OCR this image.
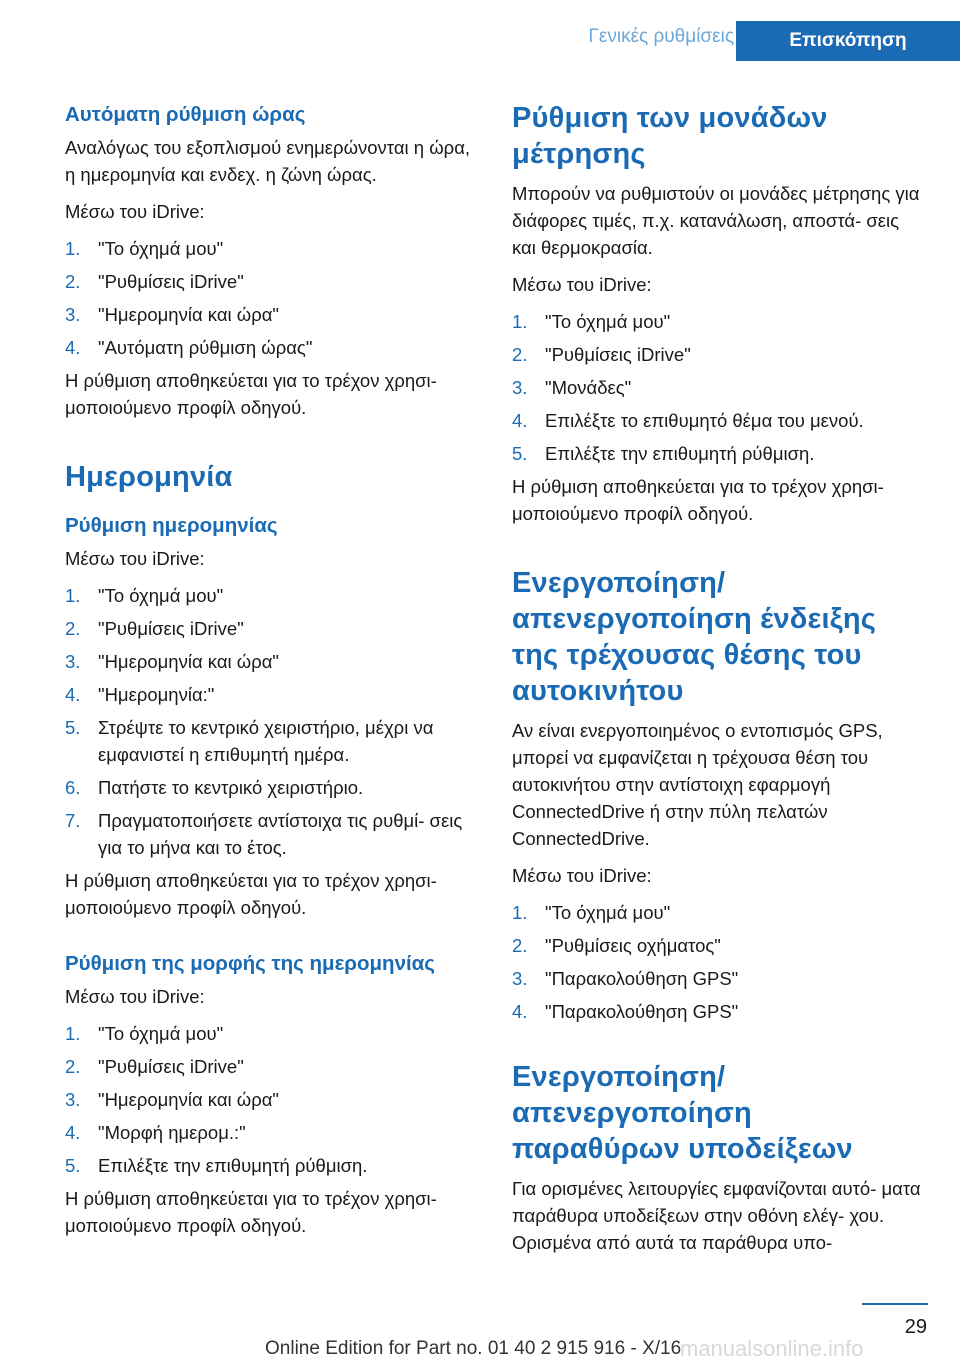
Γενικές ρυθμίσεις	Επισκόπηση
Αυτόματη ρύθμιση ώρας

Αναλόγως του εξοπλισμού ενημερώνονται η ώρα, η ημερομηνία και ενδεχ. η ζώνη ώρας.

Μέσω του iDrive:

1. "Το όχημά μου"
2. "Ρυθμίσεις iDrive"
3. "Ημερομηνία και ώρα"
4. "Αυτόματη ρύθμιση ώρας"

Η ρύθμιση αποθηκεύεται για το τρέχον χρησι‐ μοποιούμενο προφίλ οδηγού.

Ημερομηνία
Ρύθμιση ημερομηνίας

Μέσω του iDrive:

1. "Το όχημά μου"
2. "Ρυθμίσεις iDrive"
3. "Ημερομηνία και ώρα"
4. "Ημερομηνία:"
5. Στρέψτε το κεντρικό χειριστήριο, μέχρι να εμφανιστεί η επιθυμητή ημέρα.
6. Πατήστε το κεντρικό χειριστήριο.
7. Πραγματοποιήσετε αντίστοιχα τις ρυθμί‐ σεις για το μήνα και το έτος.

Η ρύθμιση αποθηκεύεται για το τρέχον χρησι‐ μοποιούμενο προφίλ οδηγού.

Ρύθμιση της μορφής της ημερομηνίας

Μέσω του iDrive:

1. "Το όχημά μου"
2. "Ρυθμίσεις iDrive"
3. "Ημερομηνία και ώρα"
4. "Μορφή ημερομ.:"
5. Επιλέξτε την επιθυμητή ρύθμιση.

Η ρύθμιση αποθηκεύεται για το τρέχον χρησι‐ μοποιούμενο προφίλ οδηγού.

Ρύθμιση των μονάδων μέτρησης

Μπορούν να ρυθμιστούν οι μονάδες μέτρησης για διάφορες τιμές, π.χ. κατανάλωση, αποστά‐ σεις και θερμοκρασία.

Μέσω του iDrive:

1. "Το όχημά μου"
2. "Ρυθμίσεις iDrive"
3. "Μονάδες"
4. Επιλέξτε το επιθυμητό θέμα του μενού.
5. Επιλέξτε την επιθυμητή ρύθμιση.

Η ρύθμιση αποθηκεύεται για το τρέχον χρησι‐ μοποιούμενο προφίλ οδηγού.

Ενεργοποίηση/ απενεργοποίηση ένδειξης της τρέχουσας θέσης του αυτοκινήτου

Αν είναι ενεργοποιημένος ο εντοπισμός GPS, μπορεί να εμφανίζεται η τρέχουσα θέση του αυτοκινήτου στην αντίστοιχη εφαρμογή ConnectedDrive ή στην πύλη πελατών ConnectedDrive.

Μέσω του iDrive:

1. "Το όχημά μου"
2. "Ρυθμίσεις οχήματος"
3. "Παρακολούθηση GPS"
4. "Παρακολούθηση GPS"
Ενεργοποίηση/ απενεργοποίηση παραθύρων υποδείξεων

Για ορισμένες λειτουργίες εμφανίζονται αυτό‐ ματα παράθυρα υποδείξεων στην οθόνη ελέγ‐ χου. Ορισμένα από αυτά τα παράθυρα υπο‐

29
Online Edition for Part no. 01 40 2 915 916 - X/16
manualsonline.info
